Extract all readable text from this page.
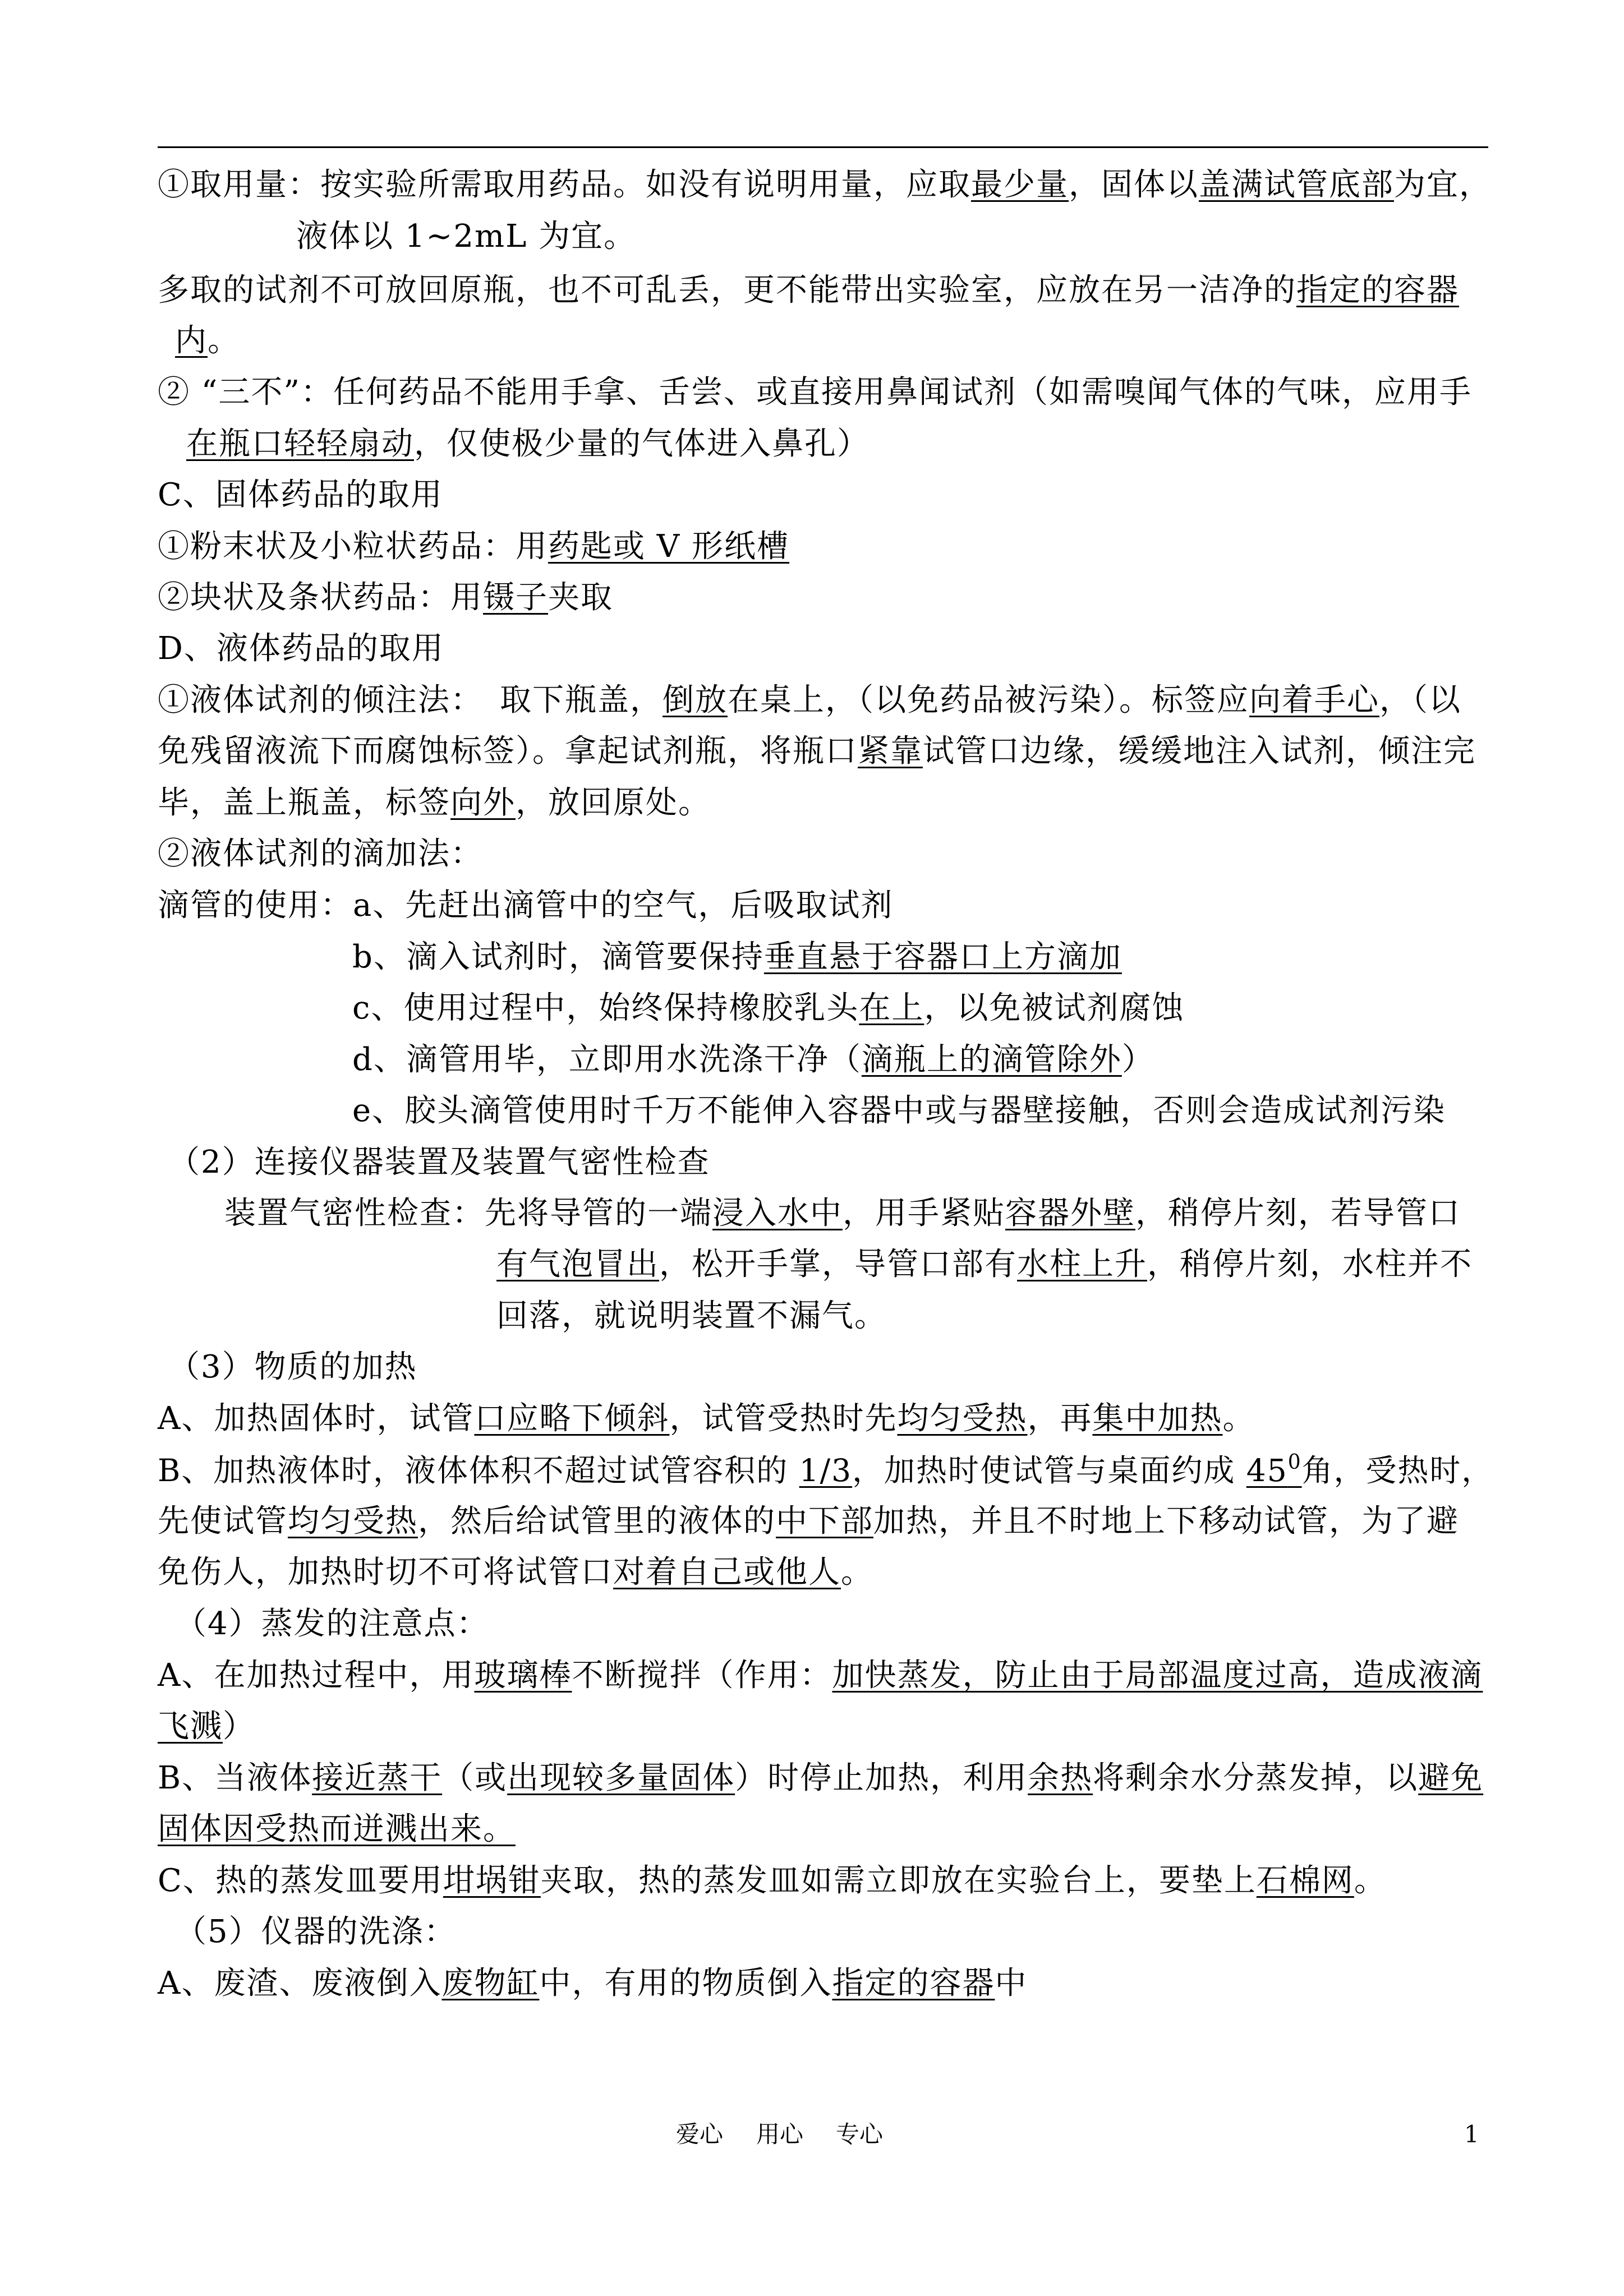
①取用量：按实验所需取用药品。如没有说明用量，应取最少量，固体以盖满试管底部为宜，
液体以 1~2mL 为宜。
多取的试剂不可放回原瓶，也不可乱丢，更不能带出实验室，应放在另一洁净的指定的容器
内。
② “三不”：任何药品不能用手拿、舌尝、或直接用鼻闻试剂（如需嗅闻气体的气味，应用手
在瓶口轻轻扇动，仅使极少量的气体进入鼻孔）
C、固体药品的取用
①粉末状及小粒状药品：用药匙或 V 形纸槽
②块状及条状药品：用镊子夹取
D、液体药品的取用
①液体试剂的倾注法：　取下瓶盖，倒放在桌上，（以免药品被污染）。标签应向着手心，（以
免残留液流下而腐蚀标签）。拿起试剂瓶，将瓶口紧靠试管口边缘，缓缓地注入试剂，倾注完
毕，盖上瓶盖，标签向外，放回原处。
②液体试剂的滴加法：
滴管的使用：a、先赶出滴管中的空气，后吸取试剂
b、滴入试剂时，滴管要保持垂直悬于容器口上方滴加
c、使用过程中，始终保持橡胶乳头在上，以免被试剂腐蚀
d、滴管用毕，立即用水洗涤干净（滴瓶上的滴管除外）
e、胶头滴管使用时千万不能伸入容器中或与器壁接触，否则会造成试剂污染
（2）连接仪器装置及装置气密性检查
装置气密性检查：先将导管的一端浸入水中，用手紧贴容器外壁，稍停片刻，若导管口
有气泡冒出，松开手掌，导管口部有水柱上升，稍停片刻，水柱并不
回落，就说明装置不漏气。
（3）物质的加热
A、加热固体时，试管口应略下倾斜，试管受热时先均匀受热，再集中加热。
B、加热液体时，液体体积不超过试管容积的 1/3，加热时使试管与桌面约成 $45^0$角，受热时，
先使试管均匀受热，然后给试管里的液体的中下部加热，并且不时地上下移动试管，为了避
免伤人，加热时切不可将试管口对着自己或他人。
（4）蒸发的注意点：
A、在加热过程中，用玻璃棒不断搅拌（作用：加快蒸发，防止由于局部温度过高，造成液滴
飞溅）
B、当液体接近蒸干（或出现较多量固体）时停止加热，利用余热将剩余水分蒸发掉，以避免
固体因受热而迸溅出来。
C、热的蒸发皿要用坩埚钳夹取，热的蒸发皿如需立即放在实验台上，要垫上石棉网。
（5）仪器的洗涤：
A、废渣、废液倒入废物缸中，有用的物质倒入指定的容器中
爱心 用心 专心	1
